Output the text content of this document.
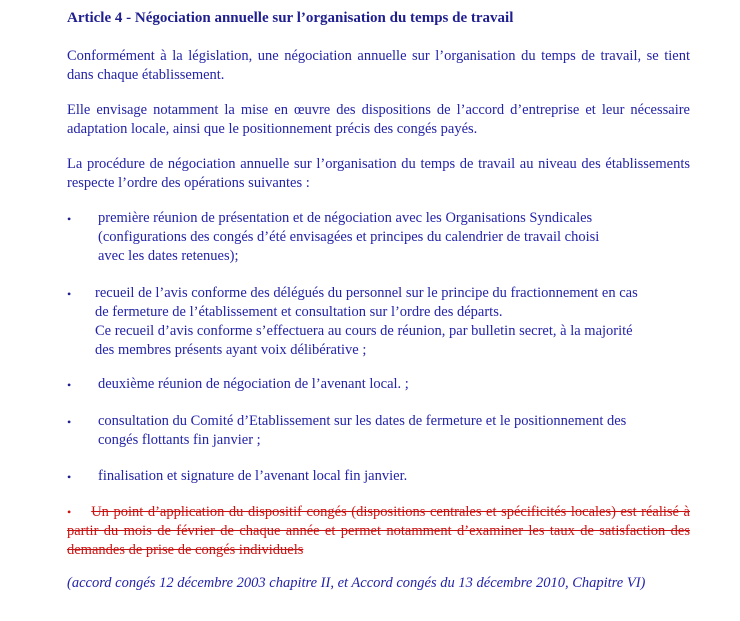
Article 4 - Négociation annuelle sur l’organisation du temps de travail

Conformément à la législation, une négociation annuelle sur l’organisation du temps de travail, se tient dans chaque établissement.

Elle envisage notamment la mise en œuvre des dispositions de l’accord d’entreprise et leur nécessaire adaptation locale, ainsi que le positionnement précis des congés payés.

La procédure de négociation annuelle sur l’organisation du temps de travail au niveau des établissements respecte l’ordre des opérations suivantes :

• première réunion de présentation et de négociation avec les Organisations Syndicales
(configurations des congés d’été envisagées et principes du calendrier de travail choisi
avec les dates retenues);
• recueil de l’avis conforme des délégués du personnel sur le principe du fractionnement en cas
de fermeture de l’établissement et consultation sur l’ordre des départs.
Ce recueil d’avis conforme s’effectuera au cours de réunion, par bulletin secret, à la majorité
des membres présents ayant voix délibérative ;
• deuxième réunion de négociation de l’avenant local. ;
• consultation du Comité d’Etablissement sur les dates de fermeture et le positionnement des
congés flottants fin janvier ;
• finalisation et signature de l’avenant local fin janvier.

• Un point d’application du dispositif congés (dispositions centrales et spécificités locales) est réalisé à partir du mois de février de chaque année et permet notamment d’examiner les taux de satisfaction des demandes de prise de congés individuels

(accord congés 12 décembre 2003 chapitre II, et Accord congés du 13 décembre 2010, Chapitre VI)
